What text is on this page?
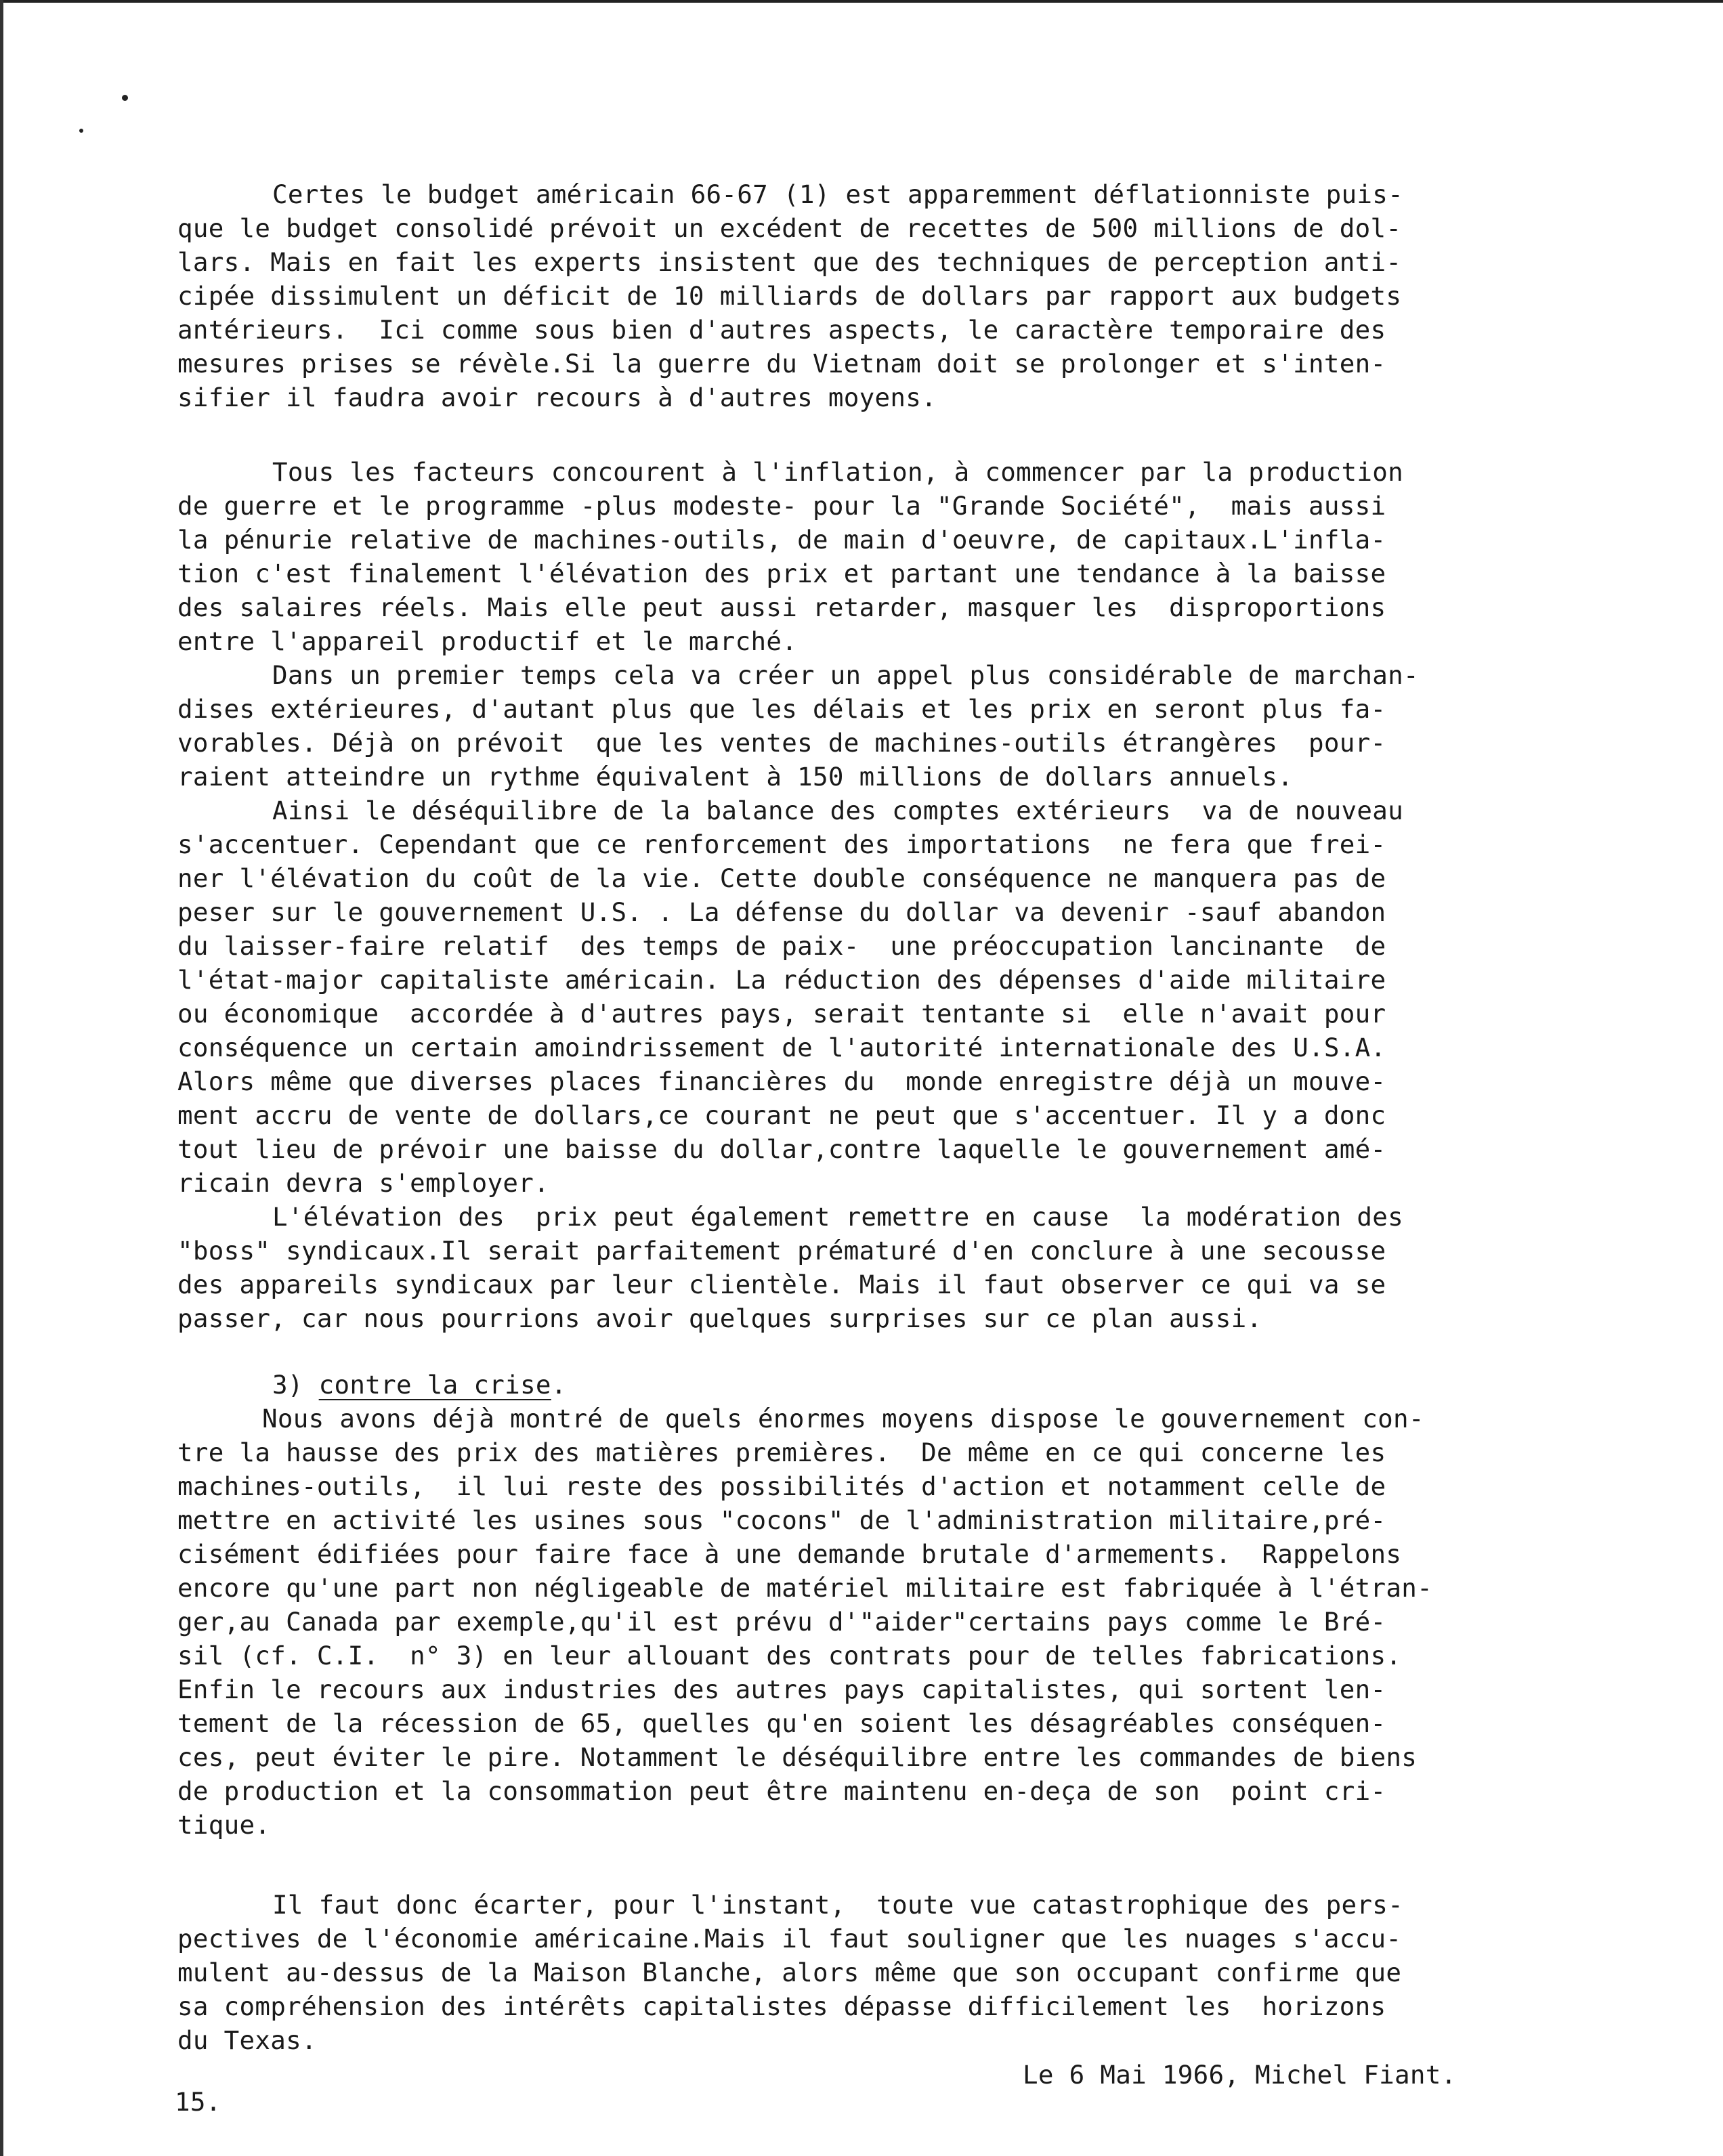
Certes le budget américain 66-67 (1) est apparemment déflationniste puis-
que le budget consolidé prévoit un excédent de recettes de 500 millions de dol-
lars. Mais en fait les experts insistent que des techniques de perception anti-
cipée dissimulent un déficit de 10 milliards de dollars par rapport aux budgets
antérieurs.  Ici comme sous bien d'autres aspects, le caractère temporaire des
mesures prises se révèle.Si la guerre du Vietnam doit se prolonger et s'inten-
sifier il faudra avoir recours à d'autres moyens.
Tous les facteurs concourent à l'inflation, à commencer par la production
de guerre et le programme -plus modeste- pour la "Grande Société",  mais aussi
la pénurie relative de machines-outils, de main d'oeuvre, de capitaux.L'infla-
tion c'est finalement l'élévation des prix et partant une tendance à la baisse
des salaires réels. Mais elle peut aussi retarder, masquer les  disproportions
entre l'appareil productif et le marché.
Dans un premier temps cela va créer un appel plus considérable de marchan-
dises extérieures, d'autant plus que les délais et les prix en seront plus fa-
vorables. Déjà on prévoit  que les ventes de machines-outils étrangères  pour-
raient atteindre un rythme équivalent à 150 millions de dollars annuels.
Ainsi le déséquilibre de la balance des comptes extérieurs  va de nouveau
s'accentuer. Cependant que ce renforcement des importations  ne fera que frei-
ner l'élévation du coût de la vie. Cette double conséquence ne manquera pas de
peser sur le gouvernement U.S. . La défense du dollar va devenir -sauf abandon
du laisser-faire relatif  des temps de paix-  une préoccupation lancinante  de
l'état-major capitaliste américain. La réduction des dépenses d'aide militaire
ou économique  accordée à d'autres pays, serait tentante si  elle n'avait pour
conséquence un certain amoindrissement de l'autorité internationale des U.S.A.
Alors même que diverses places financières du  monde enregistre déjà un mouve-
ment accru de vente de dollars,ce courant ne peut que s'accentuer. Il y a donc
tout lieu de prévoir une baisse du dollar,contre laquelle le gouvernement amé-
ricain devra s'employer.
L'élévation des  prix peut également remettre en cause  la modération des
"boss" syndicaux.Il serait parfaitement prématuré d'en conclure à une secousse
des appareils syndicaux par leur clientèle. Mais il faut observer ce qui va se
passer, car nous pourrions avoir quelques surprises sur ce plan aussi.
3) contre la crise.
Nous avons déjà montré de quels énormes moyens dispose le gouvernement con-
tre la hausse des prix des matières premières.  De même en ce qui concerne les
machines-outils,  il lui reste des possibilités d'action et notamment celle de
mettre en activité les usines sous "cocons" de l'administration militaire,pré-
cisément édifiées pour faire face à une demande brutale d'armements.  Rappelons
encore qu'une part non négligeable de matériel militaire est fabriquée à l'étran-
ger,au Canada par exemple,qu'il est prévu d'"aider"certains pays comme le Bré-
sil (cf. C.I.  n° 3) en leur allouant des contrats pour de telles fabrications.
Enfin le recours aux industries des autres pays capitalistes, qui sortent len-
tement de la récession de 65, quelles qu'en soient les désagréables conséquen-
ces, peut éviter le pire. Notamment le déséquilibre entre les commandes de biens
de production et la consommation peut être maintenu en-deça de son  point cri-
tique.
Il faut donc écarter, pour l'instant,  toute vue catastrophique des pers-
pectives de l'économie américaine.Mais il faut souligner que les nuages s'accu-
mulent au-dessus de la Maison Blanche, alors même que son occupant confirme que
sa compréhension des intérêts capitalistes dépasse difficilement les  horizons
du Texas.
Le 6 Mai 1966, Michel Fiant.
15.
